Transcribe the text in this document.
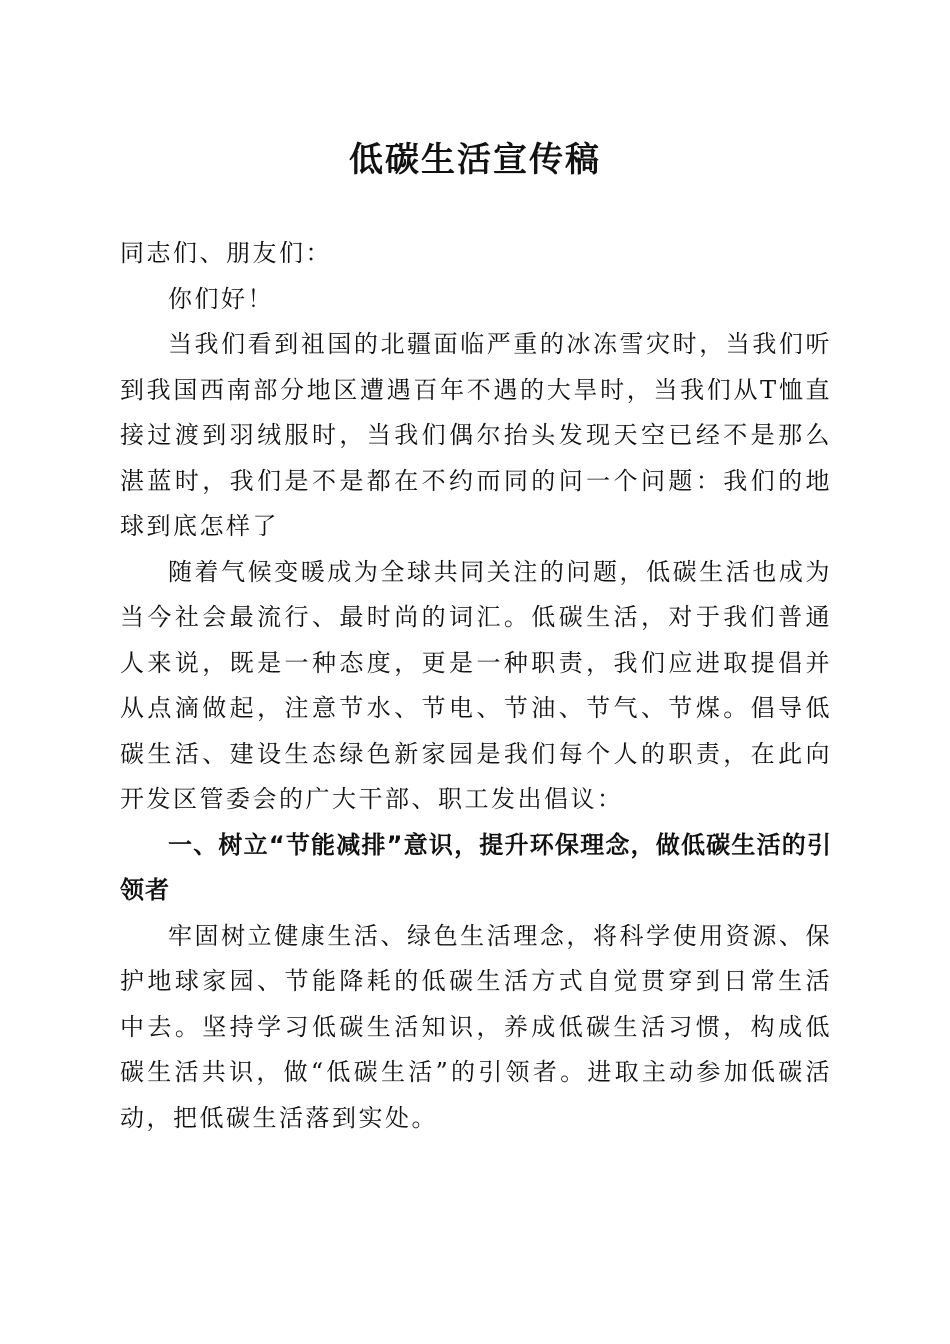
低碳生活宣传稿

同志们、朋友们：

你们好！

当我们看到祖国的北疆面临严重的冰冻雪灾时，当我们听到我国西南部分地区遭遇百年不遇的大旱时，当我们从T恤直接过渡到羽绒服时，当我们偶尔抬头发现天空已经不是那么湛蓝时，我们是不是都在不约而同的问一个问题：我们的地球到底怎样了

随着气候变暖成为全球共同关注的问题，低碳生活也成为当今社会最流行、最时尚的词汇。低碳生活，对于我们普通人来说，既是一种态度，更是一种职责，我们应进取提倡并从点滴做起，注意节水、节电、节油、节气、节煤。倡导低碳生活、建设生态绿色新家园是我们每个人的职责，在此向开发区管委会的广大干部、职工发出倡议：

一、树立“节能减排”意识，提升环保理念，做低碳生活的引领者

牢固树立健康生活、绿色生活理念，将科学使用资源、保护地球家园、节能降耗的低碳生活方式自觉贯穿到日常生活中去。坚持学习低碳生活知识，养成低碳生活习惯，构成低碳生活共识，做“低碳生活”的引领者。进取主动参加低碳活动，把低碳生活落到实处。
